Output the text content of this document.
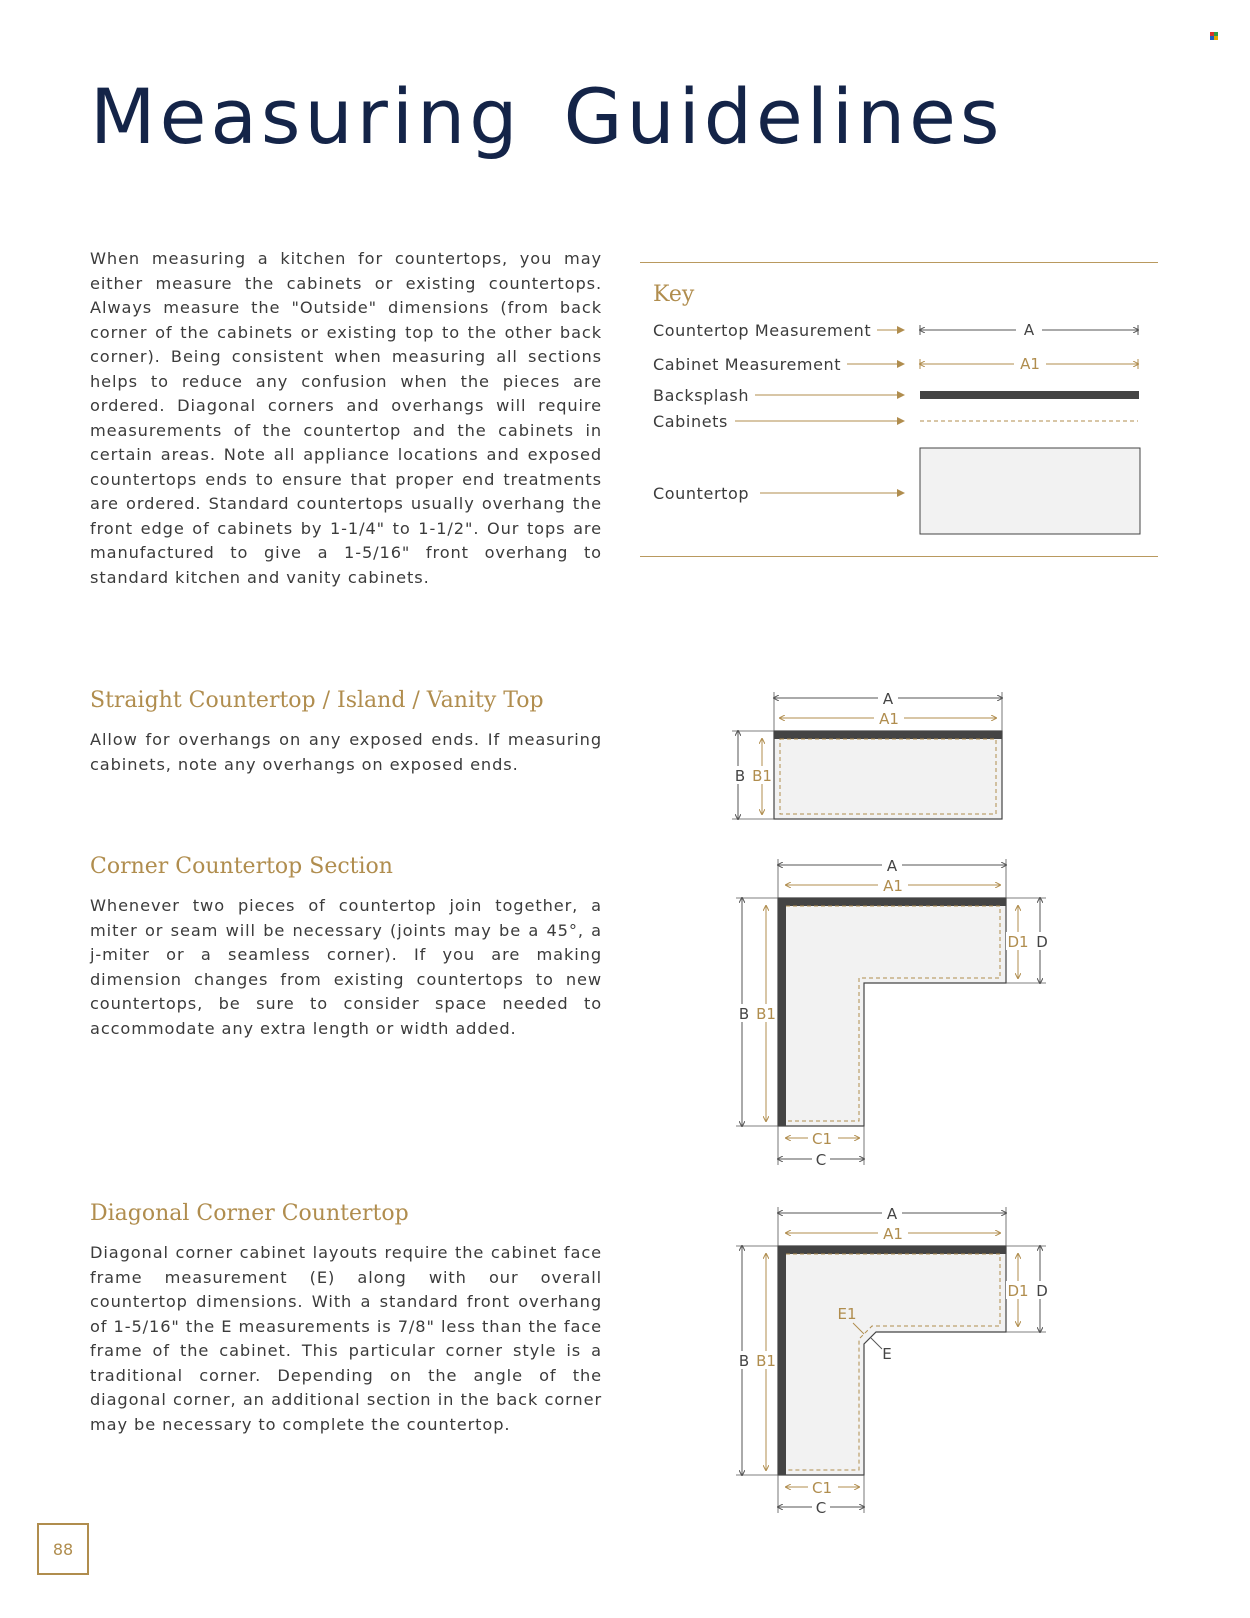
Measuring Guidelines

When measuring a kitchen for countertops, you may either measure the cabinets or existing countertops. Always measure the "Outside" dimensions (from back corner of the cabinets or existing top to the other back corner). Being consistent when measuring all sections helps to reduce any confusion when the pieces are ordered. Diagonal corners and overhangs will require measurements of the countertop and the cabinets in certain areas. Note all appliance locations and exposed countertops ends to ensure that proper end treatments are ordered. Standard countertops usually overhang the front edge of cabinets by 1-1/4" to 1-1/2". Our tops are manufactured to give a 1-5/16" front overhang to standard kitchen and vanity cabinets.

Key
Straight Countertop / Island / Vanity Top

Allow for overhangs on any exposed ends. If measuring cabinets, note any overhangs on exposed ends.

Corner Countertop Section

Whenever two pieces of countertop join together, a miter or seam will be necessary (joints may be a 45°, a j-miter or a seamless corner). If you are making dimension changes from existing countertops to new countertops, be sure to consider space needed to accommodate any extra length or width added.

Diagonal Corner Countertop

Diagonal corner cabinet layouts require the cabinet face frame measurement (E) along with our overall countertop dimensions. With a standard front overhang of 1-5/16" the E measurements is 7/8" less than the face frame of the cabinet. This particular corner style is a traditional corner. Depending on the angle of the diagonal corner, an additional section in the back corner may be necessary to complete the countertop.

A
A1
A
A1
B B1
A
A1
D
D1
B B1
C1
C
A
A1
D
D1
B B1
E1
E
C1
C
Countertop Measurement
Cabinet Measurement
Backsplash
Cabinets
Countertop
88
